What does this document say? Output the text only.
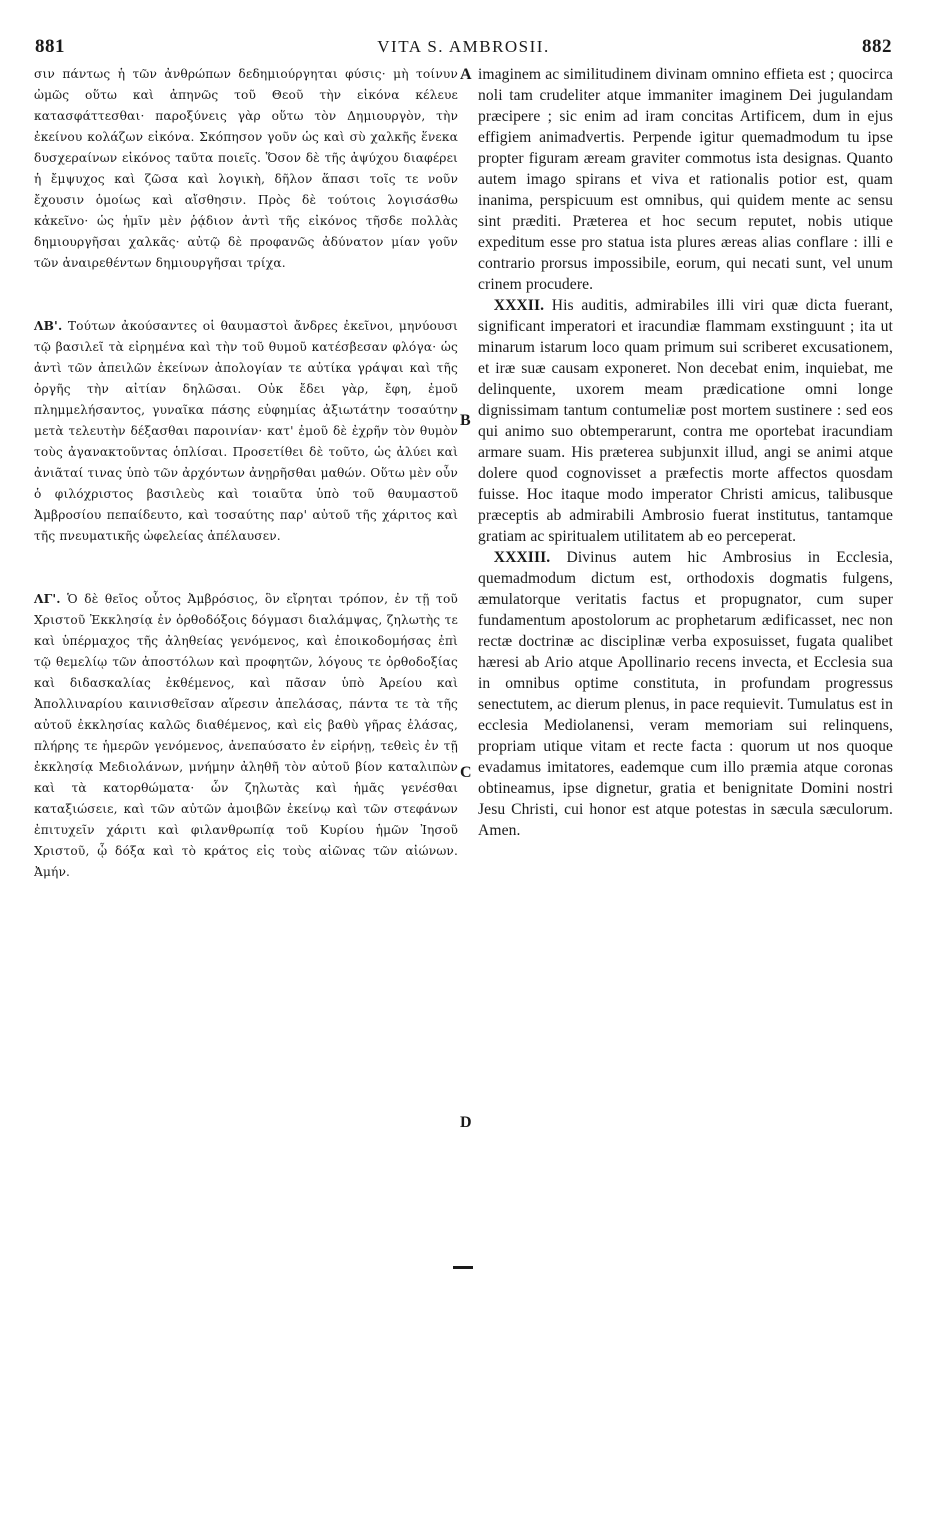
881	VITA S. AMBROSII.	882

σιν πάντως ἡ τῶν ἀνθρώπων δεδημιούργηται φύσις· μὴ τοίνυν ὠμῶς οὕτω καὶ ἀπηνῶς τοῦ Θεοῦ τὴν εἰκόνα κέλευε κατασφάττεσθαι· παροξύνεις γὰρ οὕτω τὸν Δημιουργὸν, τὴν ἐκείνου κολάζων εἰκόνα. Σκόπησον γοῦν ὡς καὶ σὺ χαλκῆς ἕνεκα δυσχεραίνων εἰκόνος ταῦτα ποιεῖς. Ὅσον δὲ τῆς ἀψύχου διαφέρει ἡ ἔμψυχος καὶ ζῶσα καὶ λογικὴ, δῆλον ἅπασι τοῖς τε νοῦν ἔχουσιν ὁμοίως καὶ αἴσθησιν. Πρὸς δὲ τούτοις λογισάσθω κἀκεῖνο· ὡς ἡμῖν μὲν ῥᾴδιον ἀντὶ τῆς εἰκόνος τῆσδε πολλὰς δημιουργῆσαι χαλκᾶς· αὐτῷ δὲ προφανῶς ἀδύνατον μίαν γοῦν τῶν ἀναιρεθέντων δημιουργῆσαι τρίχα.

ΛΒ'. Τούτων ἀκούσαντες οἱ θαυμαστοὶ ἄνδρες ἐκεῖνοι, μηνύουσι τῷ βασιλεῖ τὰ εἰρημένα καὶ τὴν τοῦ θυμοῦ κατέσβεσαν φλόγα· ὡς ἀντὶ τῶν ἀπειλῶν ἐκείνων ἀπολογίαν τε αὐτίκα γράψαι καὶ τῆς ὀργῆς τὴν αἰτίαν δηλῶσαι. Οὐκ ἔδει γὰρ, ἔφη, ἐμοῦ πλημμελήσαντος, γυναῖκα πάσης εὐφημίας ἀξιωτάτην τοσαύτην μετὰ τελευτὴν δέξασθαι παροινίαν· κατ' ἐμοῦ δὲ ἐχρῆν τὸν θυμὸν τοὺς ἀγανακτοῦντας ὁπλίσαι. Προσετίθει δὲ τοῦτο, ὡς ἀλύει καὶ ἀνιᾶταί τινας ὑπὸ τῶν ἀρχόντων ἀνῃρῆσθαι μαθών. Οὕτω μὲν οὖν ὁ φιλόχριστος βασιλεὺς καὶ τοιαῦτα ὑπὸ τοῦ θαυμαστοῦ Ἀμβροσίου πεπαίδευτο, καὶ τοσαύτης παρ' αὐτοῦ τῆς χάριτος καὶ τῆς πνευματικῆς ὠφελείας ἀπέλαυσεν.

ΛΓ'. Ὁ δὲ θεῖος οὗτος Ἀμβρόσιος, ὃν εἴρηται τρόπον, ἐν τῇ τοῦ Χριστοῦ Ἐκκλησίᾳ ἐν ὀρθοδόξοις δόγμασι διαλάμψας, ζηλωτὴς τε καὶ ὑπέρμαχος τῆς ἀληθείας γενόμενος, καὶ ἐποικοδομήσας ἐπὶ τῷ θεμελίῳ τῶν ἀποστόλων καὶ προφητῶν, λόγους τε ὀρθοδοξίας καὶ διδασκαλίας ἐκθέμενος, καὶ πᾶσαν ὑπὸ Ἀρείου καὶ Ἀπολλιναρίου καινισθεῖσαν αἵρεσιν ἀπελάσας, πάντα τε τὰ τῆς αὐτοῦ ἐκκλησίας καλῶς διαθέμενος, καὶ εἰς βαθὺ γῆρας ἐλάσας, πλήρης τε ἡμερῶν γενόμενος, ἀνεπαύσατο ἐν εἰρήνῃ, τεθεὶς ἐν τῇ ἐκκλησίᾳ Μεδιολάνων, μνήμην ἀληθῆ τὸν αὐτοῦ βίον καταλιπὼν καὶ τὰ κατορθώματα· ὧν ζηλωτὰς καὶ ἡμᾶς γενέσθαι καταξιώσειε, καὶ τῶν αὐτῶν ἀμοιβῶν ἐκείνῳ καὶ τῶν στεφάνων ἐπιτυχεῖν χάριτι καὶ φιλανθρωπίᾳ τοῦ Κυρίου ἡμῶν Ἰησοῦ Χριστοῦ, ᾧ δόξα καὶ τὸ κράτος εἰς τοὺς αἰῶνας τῶν αἰώνων. Ἀμήν.

A
B
C
D

imaginem ac similitudinem divinam omnino effieta est ; quocirca noli tam crudeliter atque immaniter imaginem Dei jugulandam præcipere ; sic enim ad iram concitas Artificem, dum in ejus effigiem animadvertis. Perpende igitur quemadmodum tu ipse propter figuram æream graviter commotus ista designas. Quanto autem imago spirans et viva et rationalis potior est, quam inanima, perspicuum est omnibus, qui quidem mente ac sensu sint præditi. Præterea et hoc secum reputet, nobis utique expeditum esse pro statua ista plures æreas alias conflare : illi e contrario prorsus impossibile, eorum, qui necati sunt, vel unum crinem procudere.

 XXXII. His auditis, admirabiles illi viri quæ dicta fuerant, significant imperatori et iracundiæ flammam exstinguunt ; ita ut minarum istarum loco quam primum sui scriberet excusationem, et iræ suæ causam exponeret. Non decebat enim, inquiebat, me delinquente, uxorem meam prædicatione omni longe dignissimam tantum contumeliæ post mortem sustinere : sed eos qui animo suo obtemperarunt, contra me oportebat iracundiam armare suam. His præterea subjunxit illud, angi se animi atque dolere quod cognovisset a præfectis morte affectos quosdam fuisse. Hoc itaque modo imperator Christi amicus, talibusque præceptis ab admirabili Ambrosio fuerat institutus, tantamque gratiam ac spiritualem utilitatem ab eo perceperat.

 XXXIII. Divinus autem hic Ambrosius in Ecclesia, quemadmodum dictum est, orthodoxis dogmatis fulgens, æmulatorque veritatis factus et propugnator, cum super fundamentum apostolorum ac prophetarum ædificasset, nec non rectæ doctrinæ ac disciplinæ verba exposuisset, fugata qualibet hæresi ab Ario atque Apollinario recens invecta, et Ecclesia sua in omnibus optime constituta, in profundam progressus senectutem, ac dierum plenus, in pace requievit. Tumulatus est in ecclesia Mediolanensi, veram memoriam sui relinquens, propriam utique vitam et recte facta : quorum ut nos quoque evadamus imitatores, eademque cum illo præmia atque coronas obtineamus, ipse dignetur, gratia et benignitate Domini nostri Jesu Christi, cui honor est atque potestas in sæcula sæculorum. Amen.
